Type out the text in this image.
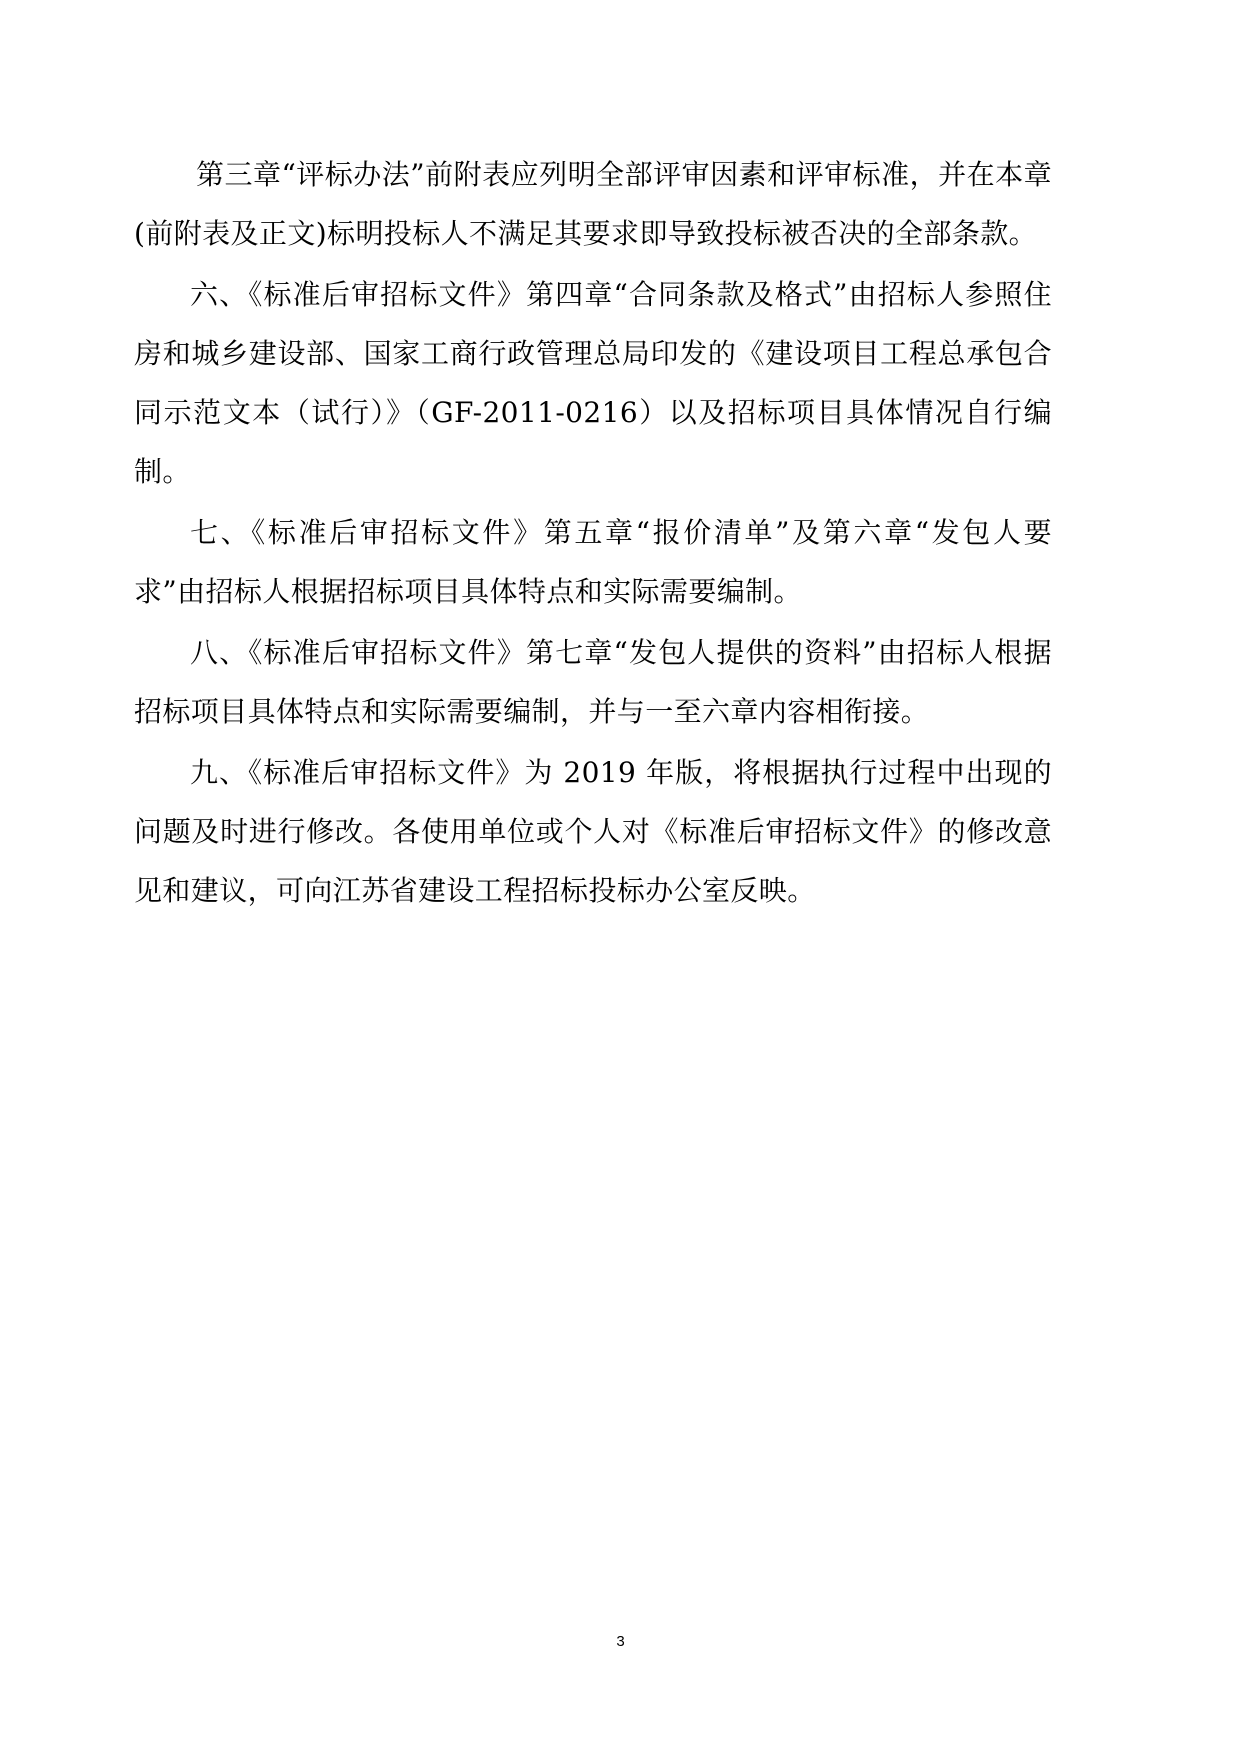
第三章“评标办法”前附表应列明全部评审因素和评审标准，并在本章(前附表及正文)标明投标人不满足其要求即导致投标被否决的全部条款。

六、《标准后审招标文件》第四章“合同条款及格式”由招标人参照住房和城乡建设部、国家工商行政管理总局印发的《建设项目工程总承包合同示范文本（试行）》（GF-2011-0216）以及招标项目具体情况自行编制。

七、《标准后审招标文件》第五章“报价清单”及第六章“发包人要求”由招标人根据招标项目具体特点和实际需要编制。

八、《标准后审招标文件》第七章“发包人提供的资料”由招标人根据招标项目具体特点和实际需要编制，并与一至六章内容相衔接。

九、《标准后审招标文件》为 2019 年版，将根据执行过程中出现的问题及时进行修改。各使用单位或个人对《标准后审招标文件》的修改意见和建议，可向江苏省建设工程招标投标办公室反映。

3
